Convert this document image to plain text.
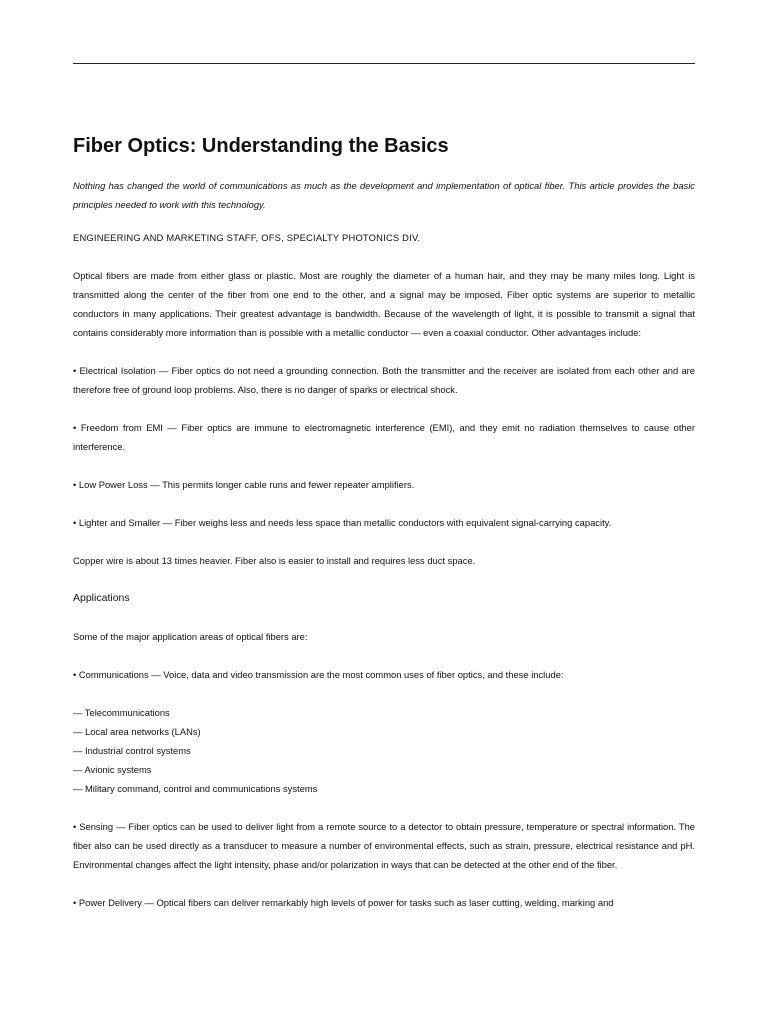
Fiber Optics: Understanding the Basics

Nothing has changed the world of communications as much as the development and implementation of optical fiber. This article provides the basic principles needed to work with this technology.

ENGINEERING AND MARKETING STAFF, OFS, SPECIALTY PHOTONICS DIV.

Optical fibers are made from either glass or plastic. Most are roughly the diameter of a human hair, and they may be many miles long. Light is transmitted along the center of the fiber from one end to the other, and a signal may be imposed. Fiber optic systems are superior to metallic conductors in many applications. Their greatest advantage is bandwidth. Because of the wavelength of light, it is possible to transmit a signal that contains considerably more information than is possible with a metallic conductor — even a coaxial conductor. Other advantages include:

• Electrical Isolation — Fiber optics do not need a grounding connection. Both the transmitter and the receiver are isolated from each other and are therefore free of ground loop problems. Also, there is no danger of sparks or electrical shock.

• Freedom from EMI — Fiber optics are immune to electromagnetic interference (EMI), and they emit no radiation themselves to cause other interference.

• Low Power Loss — This permits longer cable runs and fewer repeater amplifiers.

• Lighter and Smaller — Fiber weighs less and needs less space than metallic conductors with equivalent signal-carrying capacity.

Copper wire is about 13 times heavier. Fiber also is easier to install and requires less duct space.

Applications

Some of the major application areas of optical fibers are:

• Communications — Voice, data and video transmission are the most common uses of fiber optics, and these include:

— Telecommunications

— Local area networks (LANs)

— Industrial control systems

— Avionic systems

— Military command, control and communications systems

• Sensing — Fiber optics can be used to deliver light from a remote source to a detector to obtain pressure, temperature or spectral information. The fiber also can be used directly as a transducer to measure a number of environmental effects, such as strain, pressure, electrical resistance and pH. Environmental changes affect the light intensity, phase and/or polarization in ways that can be detected at the other end of the fiber.

• Power Delivery — Optical fibers can deliver remarkably high levels of power for tasks such as laser cutting, welding, marking and
